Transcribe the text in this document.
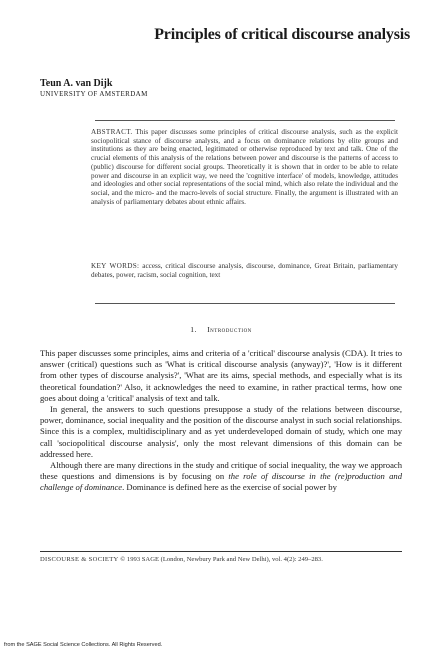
Principles of critical discourse analysis
Teun A. van Dijk
UNIVERSITY OF AMSTERDAM
ABSTRACT. This paper discusses some principles of critical discourse analysis, such as the explicit sociopolitical stance of discourse analysts, and a focus on dominance relations by elite groups and institutions as they are being enacted, legitimated or otherwise reproduced by text and talk. One of the crucial elements of this analysis of the relations between power and discourse is the patterns of access to (public) discourse for different social groups. Theoretically it is shown that in order to be able to relate power and discourse in an explicit way, we need the 'cognitive interface' of models, knowledge, attitudes and ideologies and other social representations of the social mind, which also relate the individual and the social, and the micro- and the macro-levels of social structure. Finally, the argument is illustrated with an analysis of parliamentary debates about ethnic affairs.
KEY WORDS: access, critical discourse analysis, discourse, dominance, Great Britain, parliamentary debates, power, racism, social cognition, text
1. Introduction

This paper discusses some principles, aims and criteria of a 'critical' discourse analysis (CDA). It tries to answer (critical) questions such as 'What is critical discourse analysis (anyway)?', 'How is it different from other types of discourse analysis?', 'What are its aims, special methods, and especially what is its theoretical foundation?' Also, it acknowledges the need to examine, in rather practical terms, how one goes about doing a 'critical' analysis of text and talk.

In general, the answers to such questions presuppose a study of the relations between discourse, power, dominance, social inequality and the position of the discourse analyst in such social relationships. Since this is a complex, multidisciplinary and as yet underdeveloped domain of study, which one may call 'sociopolitical discourse analysis', only the most relevant dimensions of this domain can be addressed here.

Although there are many directions in the study and critique of social inequality, the way we approach these questions and dimensions is by focusing on the role of discourse in the (re)production and challenge of dominance. Dominance is defined here as the exercise of social power by

DISCOURSE & SOCIETY © 1993 SAGE (London, Newbury Park and New Delhi), vol. 4(2): 249–283.
from the SAGE Social Science Collections. All Rights Reserved.
